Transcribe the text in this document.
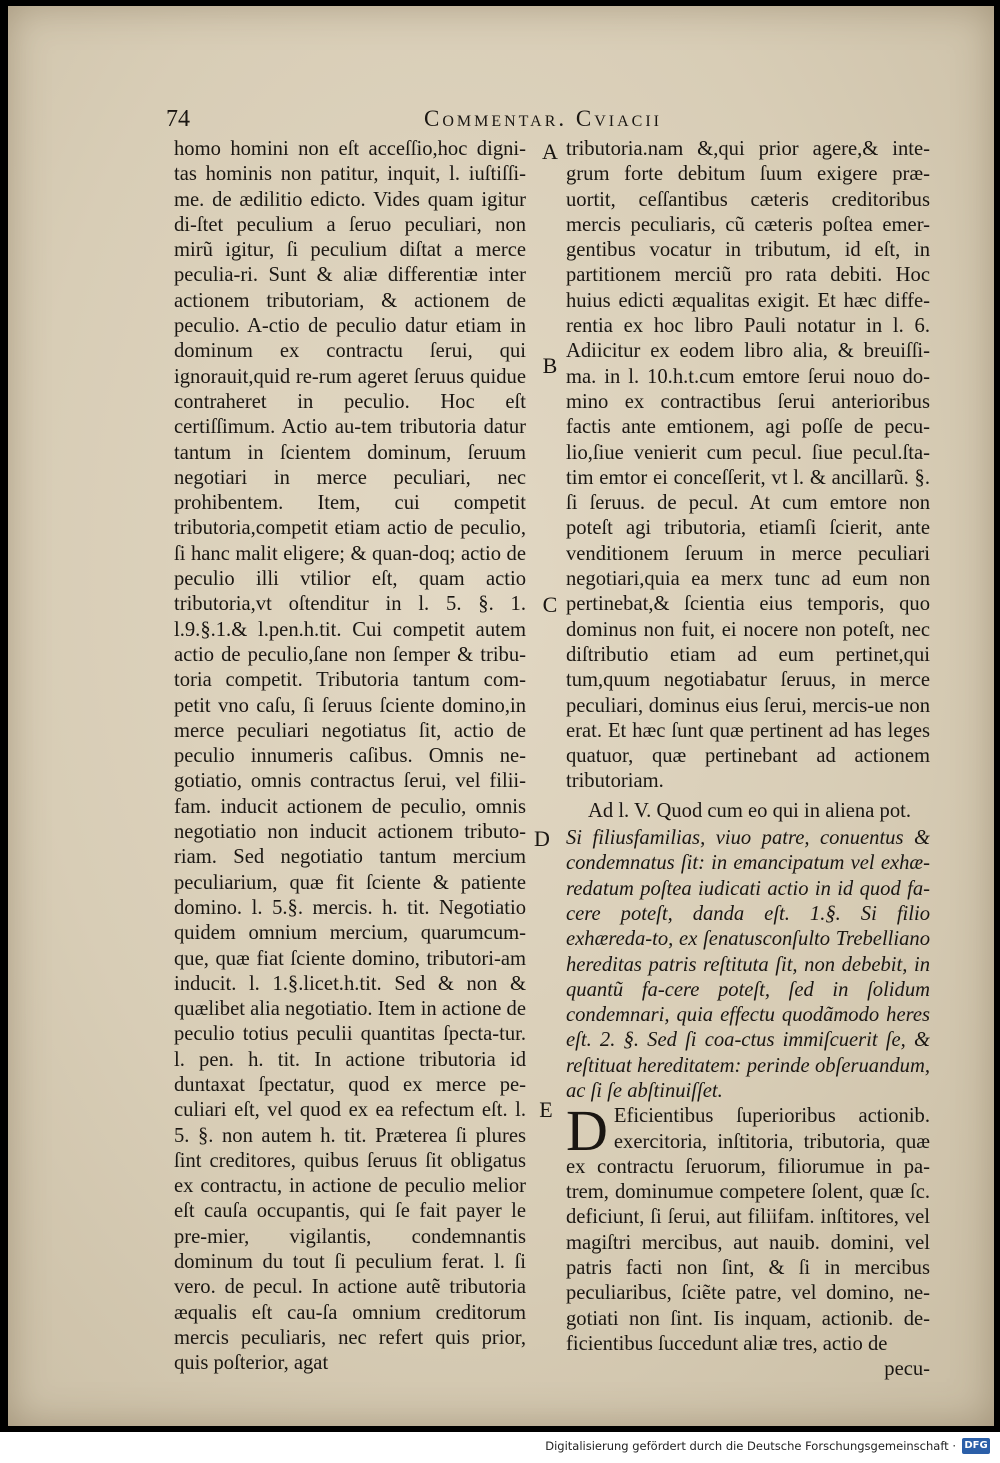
74	Commentar. Cviacii

homo homini non eſt acceſſio,hoc digni-tas hominis non patitur, inquit, l. iuſtiſſi-me. de ædilitio edicto. Vides quam igitur di-ſtet peculium a ſeruo peculiari, non mirũ igitur, ſi peculium diſtat a merce peculia-ri. Sunt & aliæ differentiæ inter actionem tributoriam, & actionem de peculio. A-ctio de peculio datur etiam in dominum ex contractu ſerui, qui ignorauit,quid re-rum ageret ſeruus quidue contraheret in peculio. Hoc eſt certiſſimum. Actio au-tem tributoria datur tantum in ſcientem dominum, ſeruum negotiari in merce peculiari, nec prohibentem. Item, cui competit tributoria,competit etiam actio de peculio, ſi hanc malit eligere; & quan-doq; actio de peculio illi vtilior eſt, quam actio tributoria,vt oſtenditur in l. 5. §. 1. l.9.§.1.& l.pen.h.tit. Cui competit autem actio de peculio,ſane non ſemper & tribu-toria competit. Tributoria tantum com-petit vno caſu, ſi ſeruus ſciente domino,in merce peculiari negotiatus ſit, actio de peculio innumeris caſibus. Omnis ne-gotiatio, omnis contractus ſerui, vel filii-fam. inducit actionem de peculio, omnis negotiatio non inducit actionem tributo-riam. Sed negotiatio tantum mercium peculiarium, quæ fit ſciente & patiente domino. l. 5.§. mercis. h. tit. Negotiatio quidem omnium mercium, quarumcum-que, quæ fiat ſciente domino, tributori-am inducit. l. 1.§.licet.h.tit. Sed & non & quælibet alia negotiatio. Item in actione de peculio totius peculii quantitas ſpecta-tur. l. pen. h. tit. In actione tributoria id duntaxat ſpectatur, quod ex merce pe-culiari eſt, vel quod ex ea refectum eſt. l. 5. §. non autem h. tit. Præterea ſi plures ſint creditores, quibus ſeruus ſit obligatus ex contractu, in actione de peculio melior eſt cauſa occupantis, qui ſe fait payer le pre-mier, vigilantis, condemnantis dominum du tout ſi peculium ferat. l. ſi vero. de pecul. In actione autẽ tributoria æqualis eſt cau-ſa omnium creditorum mercis peculiaris, nec refert quis prior, quis poſterior, agat

A
B
C
D
E

tributoria.nam &,qui prior agere,& inte-grum forte debitum ſuum exigere præ-uortit, ceſſantibus cæteris creditoribus mercis peculiaris, cũ cæteris poſtea emer-gentibus vocatur in tributum, id eſt, in partitionem merciũ pro rata debiti. Hoc huius edicti æqualitas exigit. Et hæc diffe-rentia ex hoc libro Pauli notatur in l. 6. Adiicitur ex eodem libro alia, & breuiſſi-ma. in l. 10.h.t.cum emtore ſerui nouo do-mino ex contractibus ſerui anterioribus factis ante emtionem, agi poſſe de pecu-lio,ſiue venierit cum pecul. ſiue pecul.ſta-tim emtor ei conceſſerit, vt l. & ancillarũ. §. ſi ſeruus. de pecul. At cum emtore non poteſt agi tributoria, etiamſi ſcierit, ante venditionem ſeruum in merce peculiari negotiari,quia ea merx tunc ad eum non pertinebat,& ſcientia eius temporis, quo dominus non fuit, ei nocere non poteſt, nec diſtributio etiam ad eum pertinet,qui tum,quum negotiabatur ſeruus, in merce peculiari, dominus eius ſerui, mercis-ue non erat. Et hæc ſunt quæ pertinent ad has leges quatuor, quæ pertinebant ad actionem tributoriam.

Ad l. V. Quod cum eo qui in aliena pot.

Si filiusfamilias, viuo patre, conuentus & condemnatus ſit: in emancipatum vel exhæ-redatum poſtea iudicati actio in id quod fa-cere poteſt, danda eſt. 1.§. Si filio exhæreda-to, ex ſenatusconſulto Trebelliano hereditas patris reſtituta ſit, non debebit, in quantũ fa-cere poteſt, ſed in ſolidum condemnari, quia effectu quodãmodo heres eſt. 2. §. Sed ſi coa-ctus immiſcuerit ſe, & reſtituat hereditatem: perinde obſeruandum, ac ſi ſe abſtinuiſſet.

D Eficientibus ſuperioribus actionib. exercitoria, inſtitoria, tributoria, quæ ex contractu ſeruorum, filiorumue in pa-trem, dominumue competere ſolent, quæ ſc. deficiunt, ſi ſerui, aut filiifam. inſtitores, vel magiſtri mercibus, aut nauib. domini, vel patris facti non ſint, & ſi in mercibus peculiaribus, ſciẽte patre, vel domino, ne-gotiati non ſint. Iis inquam, actionib. de-ficientibus ſuccedunt aliæ tres, actio de

pecu-

Digitalisierung gefördert durch die Deutsche Forschungsgemeinschaft · DFG
